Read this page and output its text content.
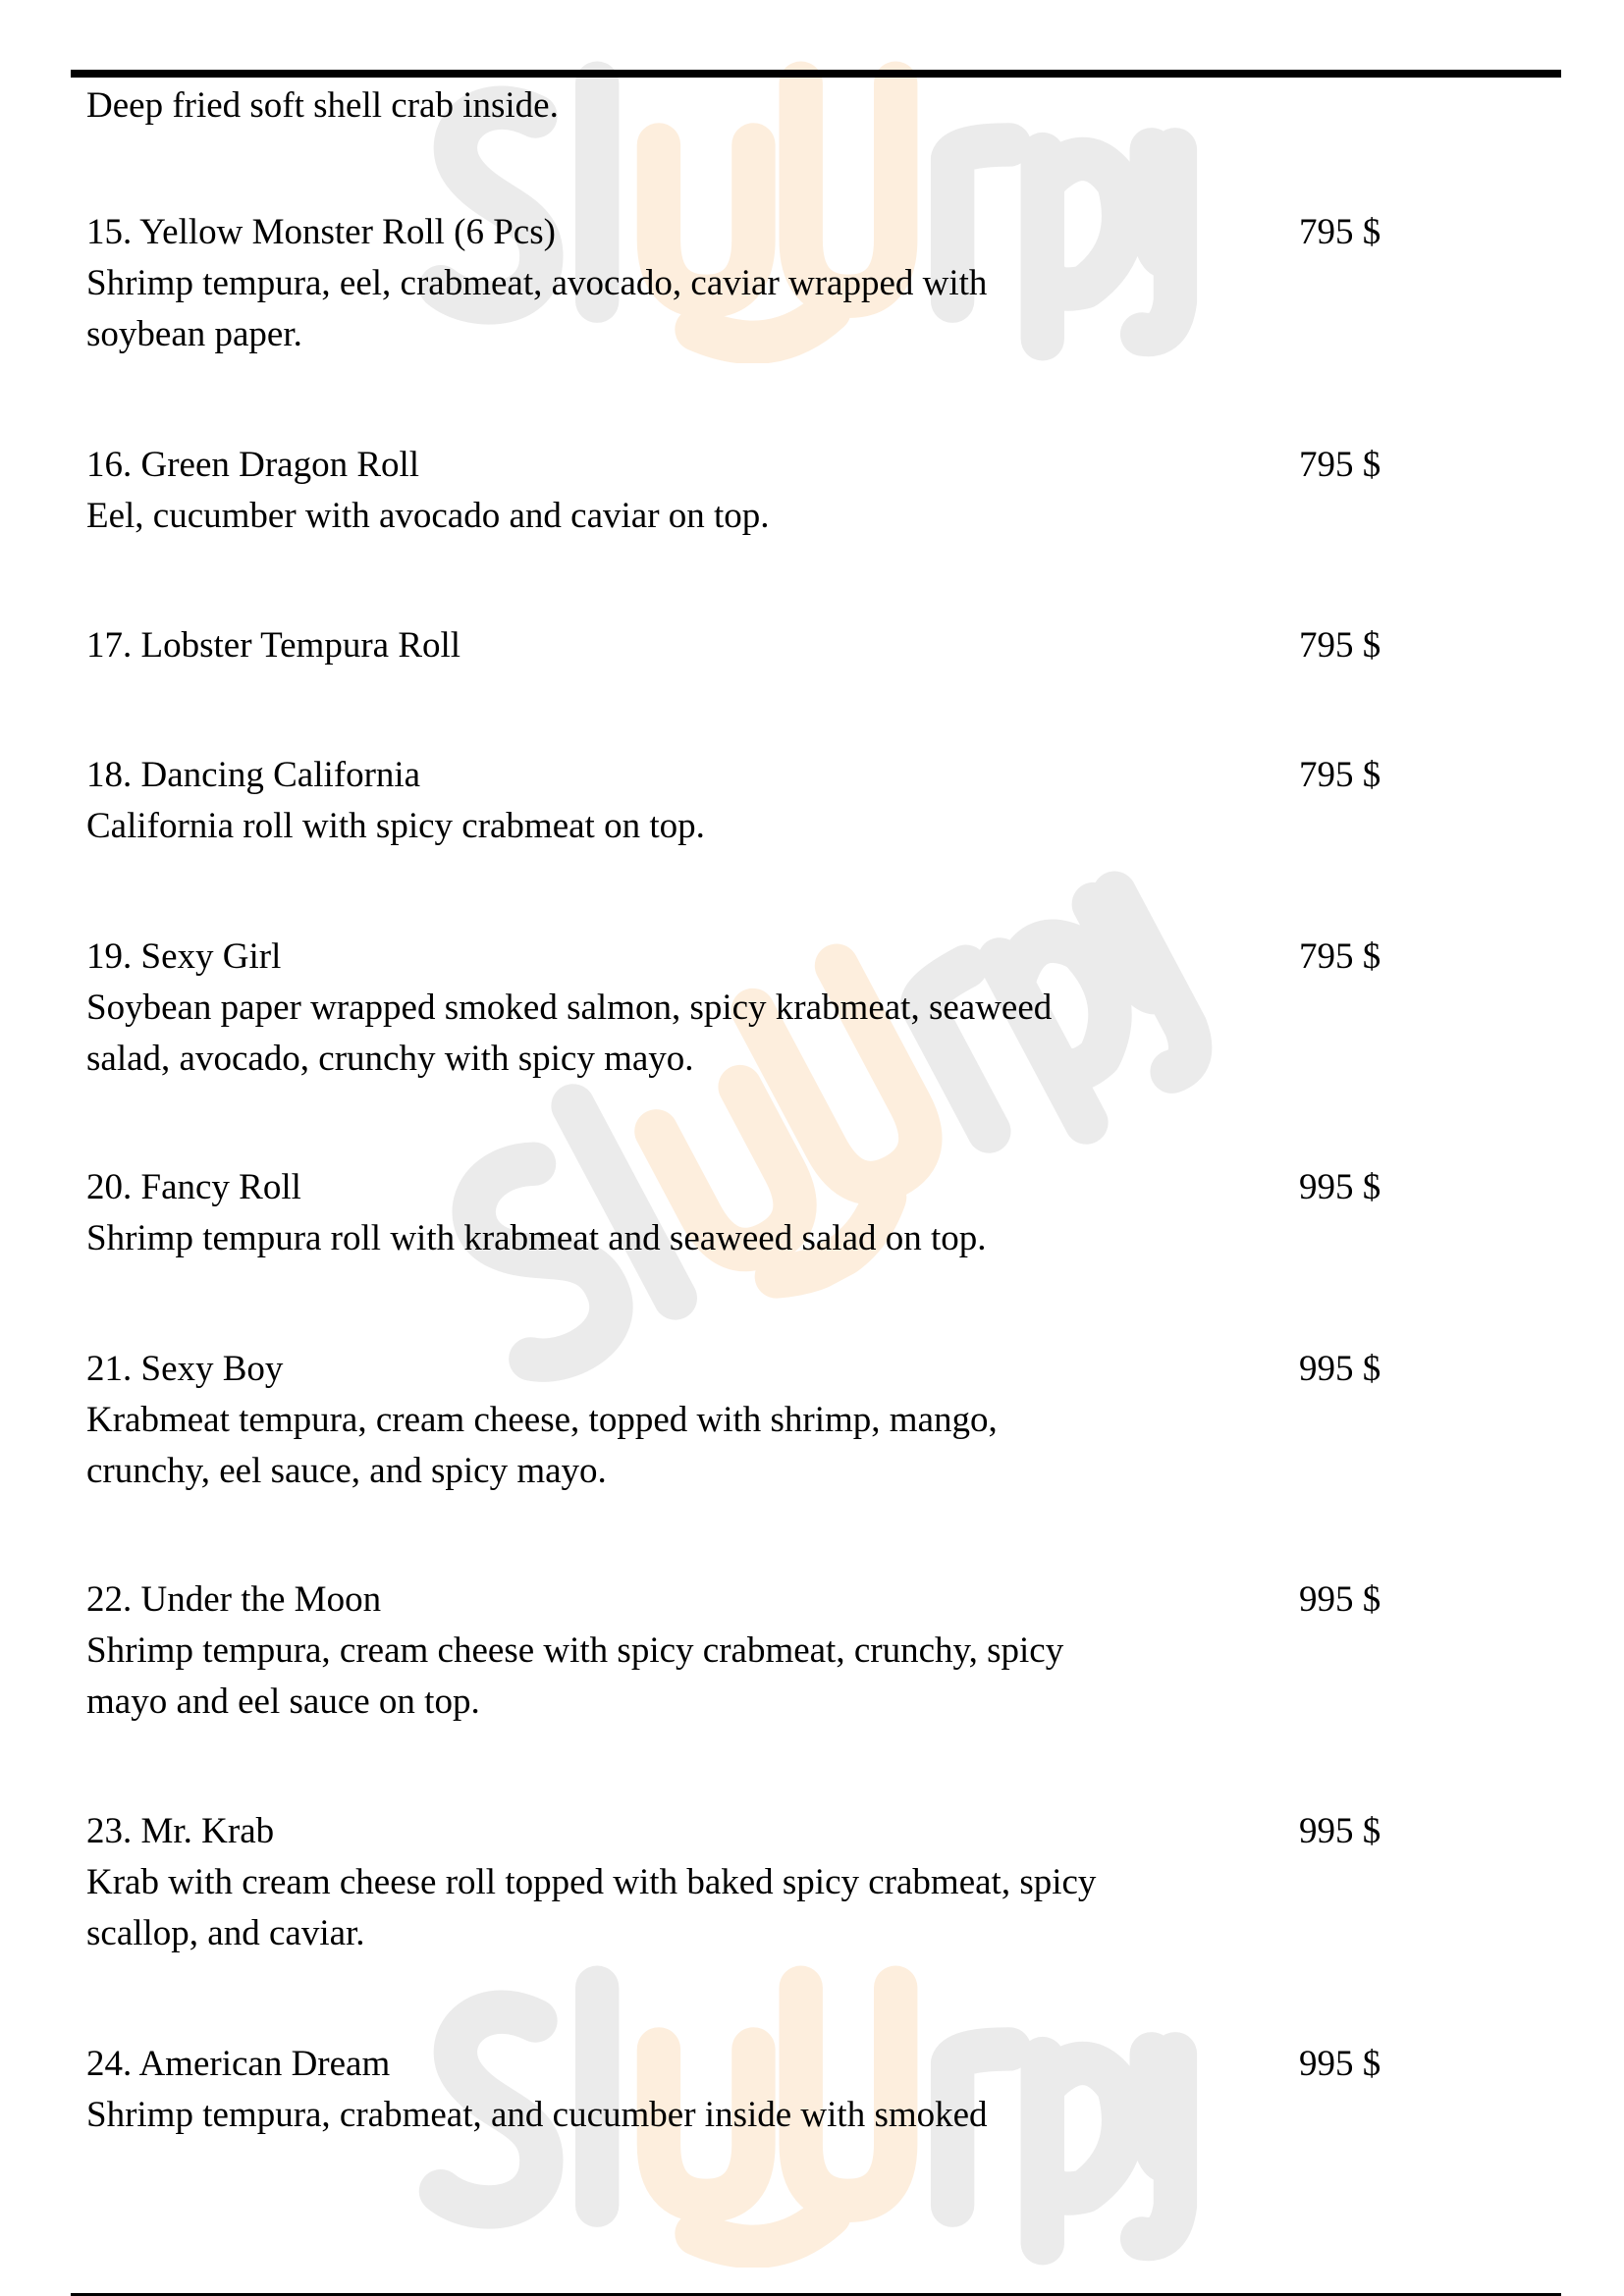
Deep fried soft shell crab inside.
15. Yellow Monster Roll (6 Pcs)	795 $
Shrimp tempura, eel, crabmeat, avocado, caviar wrapped with
soybean paper.
16. Green Dragon Roll	795 $
Eel, cucumber with avocado and caviar on top.
17. Lobster Tempura Roll	795 $
18. Dancing California	795 $
California roll with spicy crabmeat on top.
19. Sexy Girl	795 $
Soybean paper wrapped smoked salmon, spicy krabmeat, seaweed
salad, avocado, crunchy with spicy mayo.
20. Fancy Roll	995 $
Shrimp tempura roll with krabmeat and seaweed salad on top.
21. Sexy Boy	995 $
Krabmeat tempura, cream cheese, topped with shrimp, mango,
crunchy, eel sauce, and spicy mayo.
22. Under the Moon	995 $
Shrimp tempura, cream cheese with spicy crabmeat, crunchy, spicy
mayo and eel sauce on top.
23. Mr. Krab	995 $
Krab with cream cheese roll topped with baked spicy crabmeat, spicy
scallop, and caviar.
24. American Dream	995 $
Shrimp tempura, crabmeat, and cucumber inside with smoked
